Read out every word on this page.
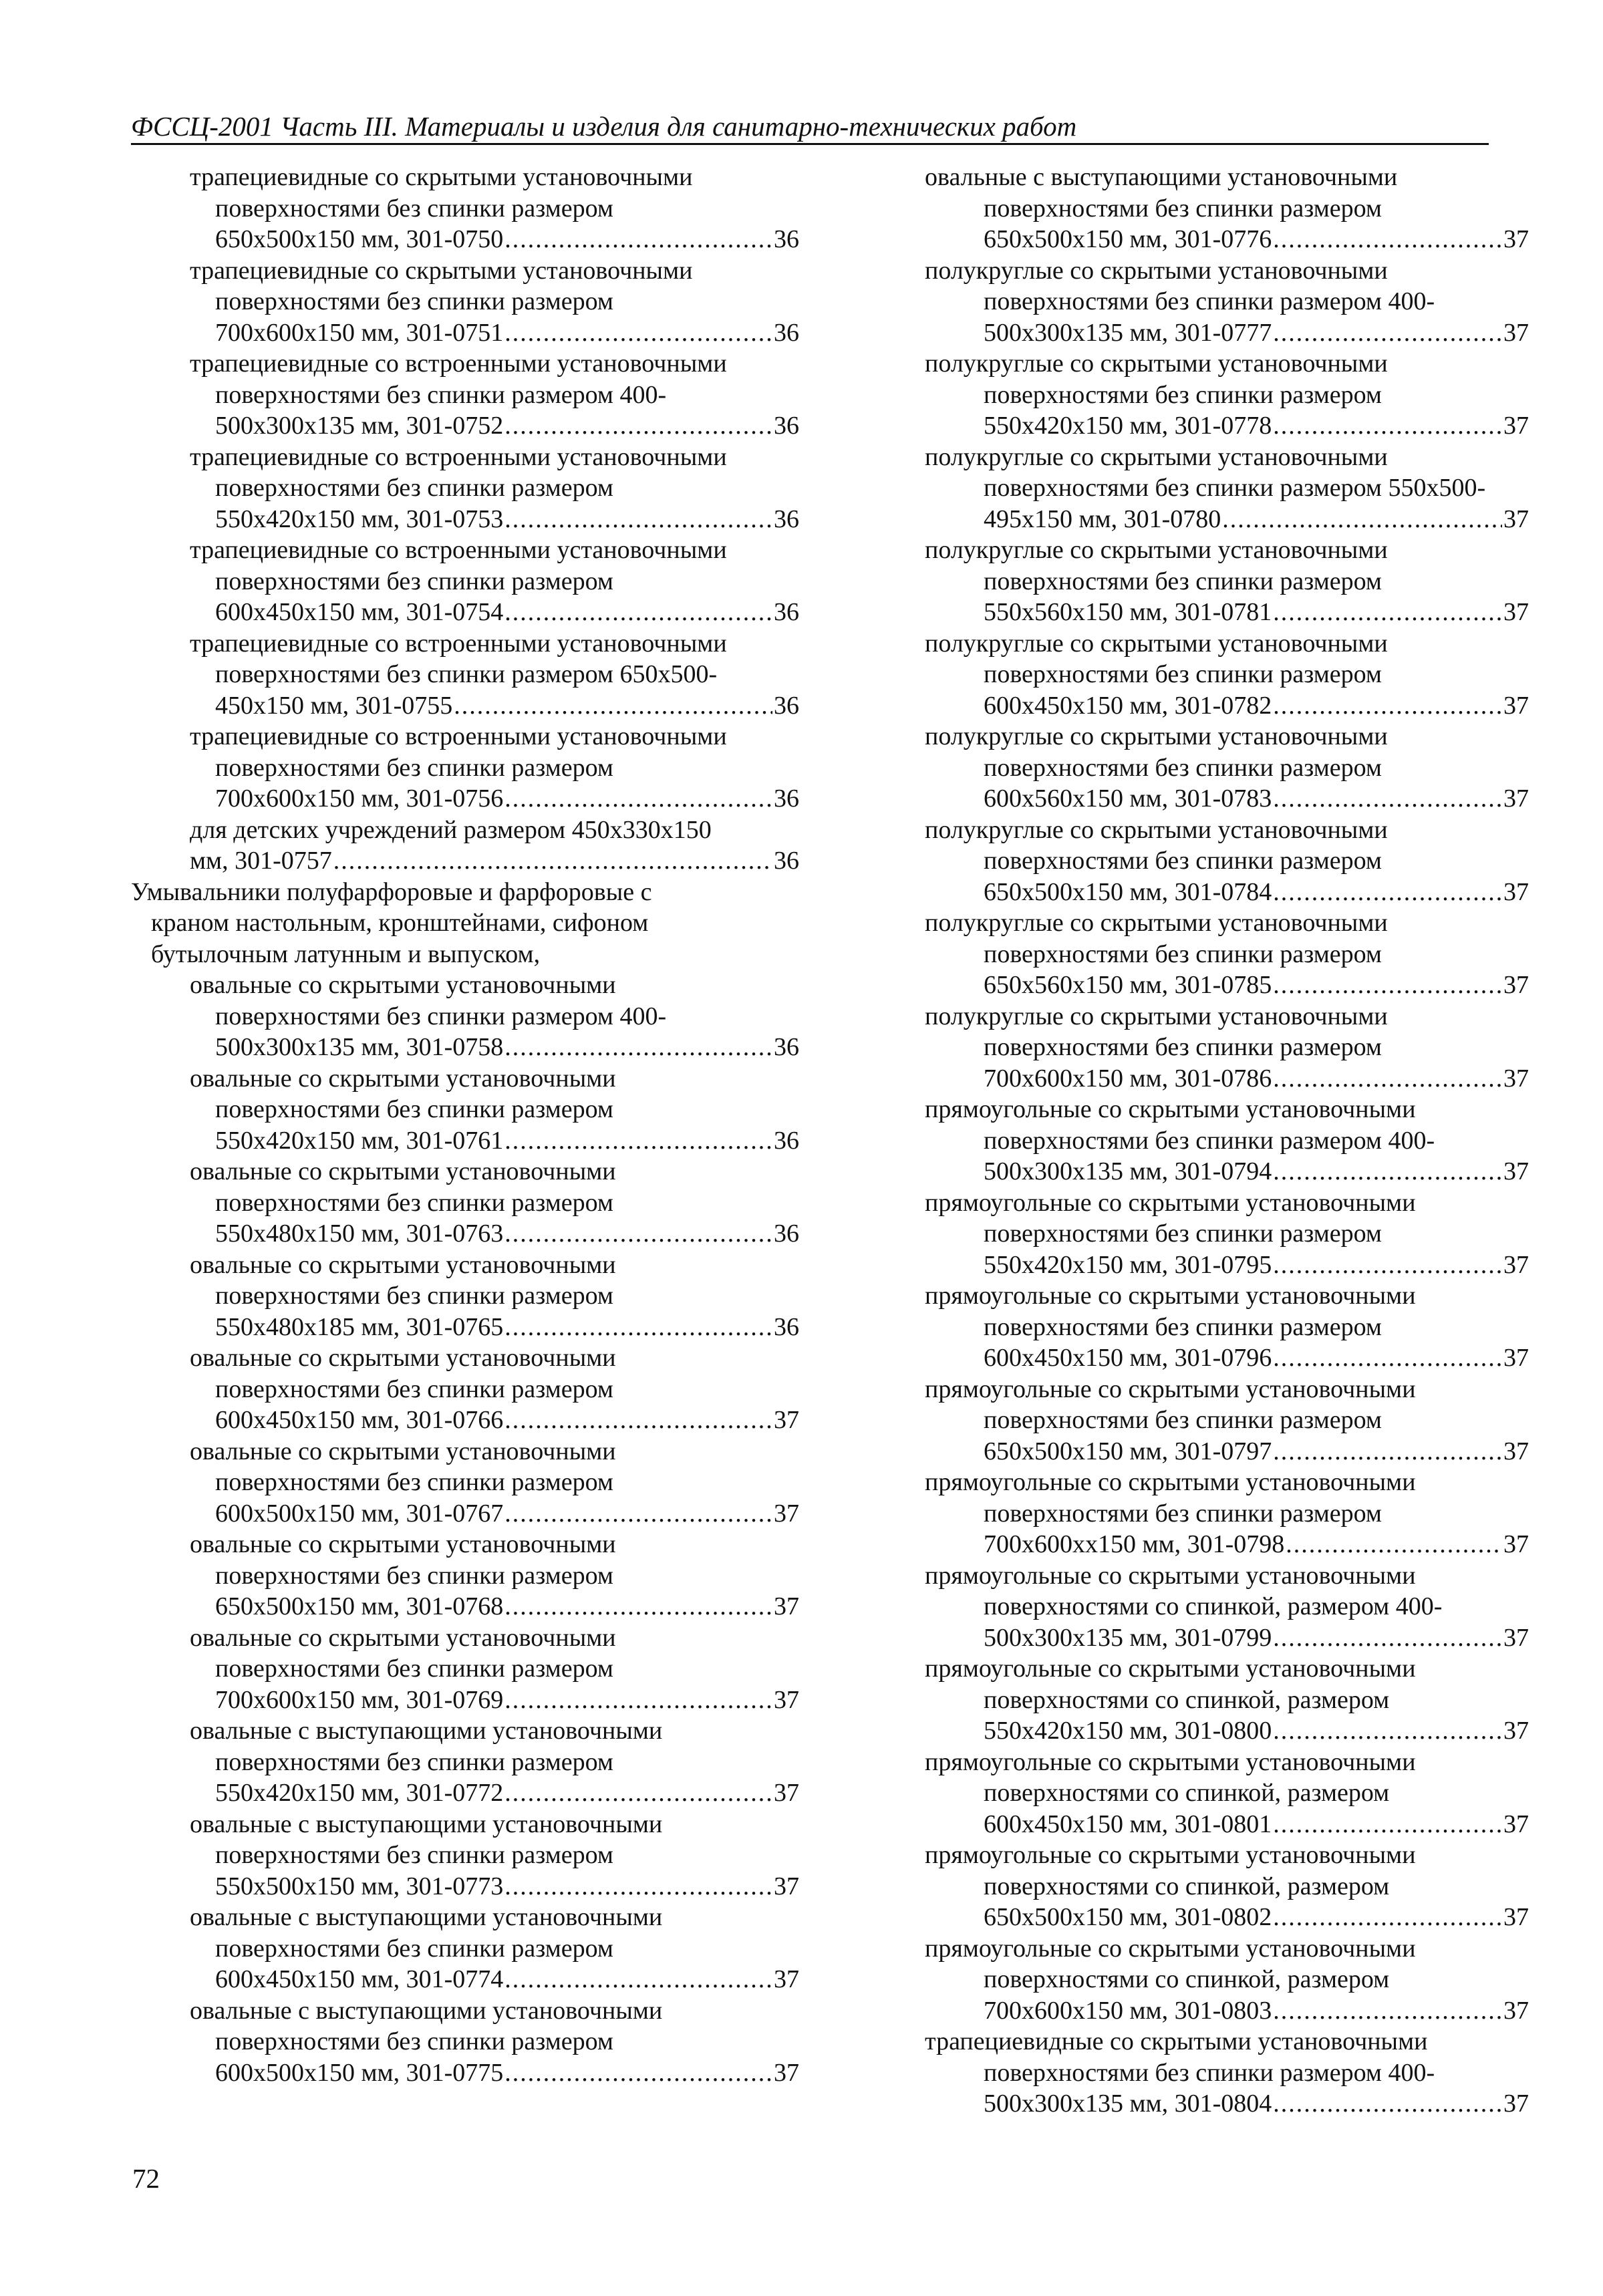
ФССЦ-2001 Часть III. Материалы и изделия для санитарно-технических работ
трапециевидные со скрытыми установочными
поверхностями без спинки размером
650x500x150 мм, 301-0750 .....	36
трапециевидные со скрытыми установочными
поверхностями без спинки размером
700x600x150 мм, 301-0751 .....	36
трапециевидные со встроенными установочными
поверхностями без спинки размером 400-
500x300x135 мм, 301-0752 .....	36
трапециевидные со встроенными установочными
поверхностями без спинки размером
550x420x150 мм, 301-0753 .....	36
трапециевидные со встроенными установочными
поверхностями без спинки размером
600x450x150 мм, 301-0754 .....	36
трапециевидные со встроенными установочными
поверхностями без спинки размером 650x500-
450x150 мм, 301-0755 .....	36
трапециевидные со встроенными установочными
поверхностями без спинки размером
700x600x150 мм, 301-0756 .....	36
для детских учреждений размером 450x330x150
мм, 301-0757 .....	36
Умывальники полуфарфоровые и фарфоровые с
краном настольным, кронштейнами, сифоном
бутылочным латунным и выпуском,
овальные со скрытыми установочными
поверхностями без спинки размером 400-
500x300x135 мм, 301-0758 .....	36
овальные со скрытыми установочными
поверхностями без спинки размером
550x420x150 мм, 301-0761 .....	36
овальные со скрытыми установочными
поверхностями без спинки размером
550x480x150 мм, 301-0763 .....	36
овальные со скрытыми установочными
поверхностями без спинки размером
550x480x185 мм, 301-0765 .....	36
овальные со скрытыми установочными
поверхностями без спинки размером
600x450x150 мм, 301-0766 .....	37
овальные со скрытыми установочными
поверхностями без спинки размером
600x500x150 мм, 301-0767 .....	37
овальные со скрытыми установочными
поверхностями без спинки размером
650x500x150 мм, 301-0768 .....	37
овальные со скрытыми установочными
поверхностями без спинки размером
700x600x150 мм, 301-0769 .....	37
овальные с выступающими установочными
поверхностями без спинки размером
550x420x150 мм, 301-0772 .....	37
овальные с выступающими установочными
поверхностями без спинки размером
550x500x150 мм, 301-0773 .....	37
овальные с выступающими установочными
поверхностями без спинки размером
600x450x150 мм, 301-0774 .....	37
овальные с выступающими установочными
поверхностями без спинки размером
600x500x150 мм, 301-0775 .....	37
овальные с выступающими установочными
поверхностями без спинки размером
650x500x150 мм, 301-0776 .....	37
полукруглые со скрытыми установочными
поверхностями без спинки размером 400-
500x300x135 мм, 301-0777 .....	37
полукруглые со скрытыми установочными
поверхностями без спинки размером
550x420x150 мм, 301-0778 .....	37
полукруглые со скрытыми установочными
поверхностями без спинки размером 550x500-
495x150 мм, 301-0780 .....	37
полукруглые со скрытыми установочными
поверхностями без спинки размером
550x560x150 мм, 301-0781 .....	37
полукруглые со скрытыми установочными
поверхностями без спинки размером
600x450x150 мм, 301-0782 .....	37
полукруглые со скрытыми установочными
поверхностями без спинки размером
600x560x150 мм, 301-0783 .....	37
полукруглые со скрытыми установочными
поверхностями без спинки размером
650x500x150 мм, 301-0784 .....	37
полукруглые со скрытыми установочными
поверхностями без спинки размером
650x560x150 мм, 301-0785 .....	37
полукруглые со скрытыми установочными
поверхностями без спинки размером
700x600x150 мм, 301-0786 .....	37
прямоугольные со скрытыми установочными
поверхностями без спинки размером 400-
500x300x135 мм, 301-0794 .....	37
прямоугольные со скрытыми установочными
поверхностями без спинки размером
550x420x150 мм, 301-0795 .....	37
прямоугольные со скрытыми установочными
поверхностями без спинки размером
600x450x150 мм, 301-0796 .....	37
прямоугольные со скрытыми установочными
поверхностями без спинки размером
650x500x150 мм, 301-0797 .....	37
прямоугольные со скрытыми установочными
поверхностями без спинки размером
700x600xx150 мм, 301-0798 .....	37
прямоугольные со скрытыми установочными
поверхностями со спинкой, размером 400-
500x300x135 мм, 301-0799 .....	37
прямоугольные со скрытыми установочными
поверхностями со спинкой, размером
550x420x150 мм, 301-0800 .....	37
прямоугольные со скрытыми установочными
поверхностями со спинкой, размером
600x450x150 мм, 301-0801 .....	37
прямоугольные со скрытыми установочными
поверхностями со спинкой, размером
650x500x150 мм, 301-0802 .....	37
прямоугольные со скрытыми установочными
поверхностями со спинкой, размером
700x600x150 мм, 301-0803 .....	37
трапециевидные со скрытыми установочными
поверхностями без спинки размером 400-
500x300x135 мм, 301-0804 .....	37
72
